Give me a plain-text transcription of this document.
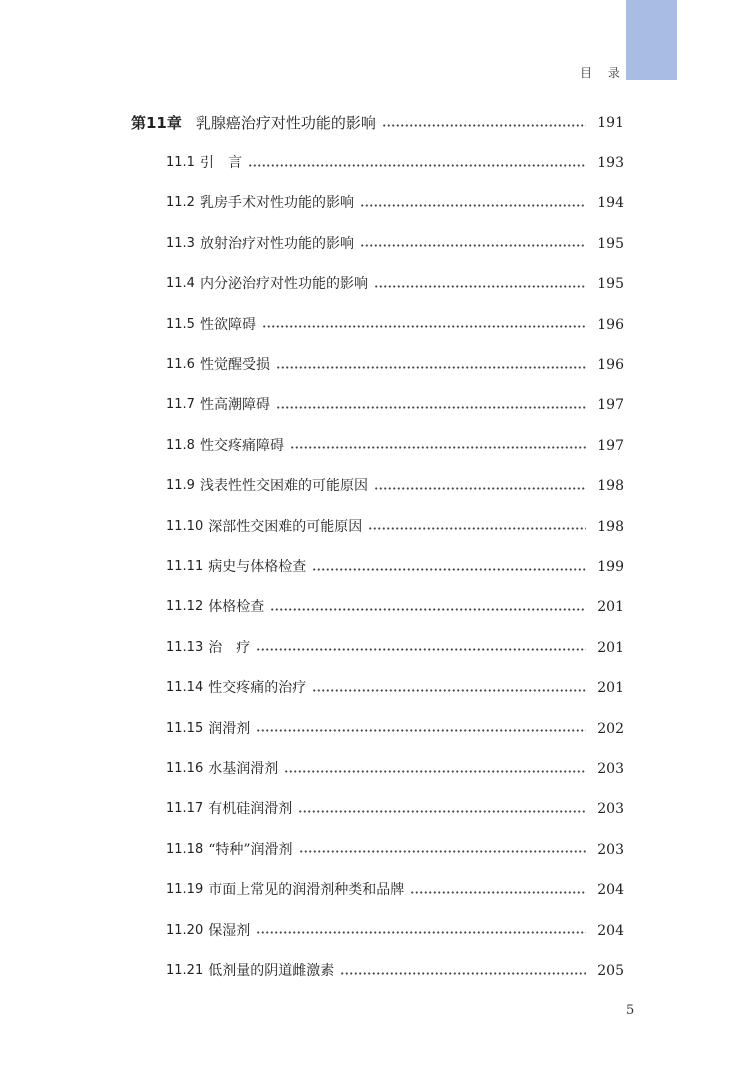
目 录
第11章 乳腺癌治疗对性功能的影响	191
11.1 引　言	193
11.2 乳房手术对性功能的影响	194
11.3 放射治疗对性功能的影响	195
11.4 内分泌治疗对性功能的影响	195
11.5 性欲障碍	196
11.6 性觉醒受损	196
11.7 性高潮障碍	197
11.8 性交疼痛障碍	197
11.9 浅表性性交困难的可能原因	198
11.10 深部性交困难的可能原因	198
11.11 病史与体格检查	199
11.12 体格检查	201
11.13 治　疗	201
11.14 性交疼痛的治疗	201
11.15 润滑剂	202
11.16 水基润滑剂	203
11.17 有机硅润滑剂	203
11.18 “特种”润滑剂	203
11.19 市面上常见的润滑剂种类和品牌	204
11.20 保湿剂	204
11.21 低剂量的阴道雌激素	205
5
